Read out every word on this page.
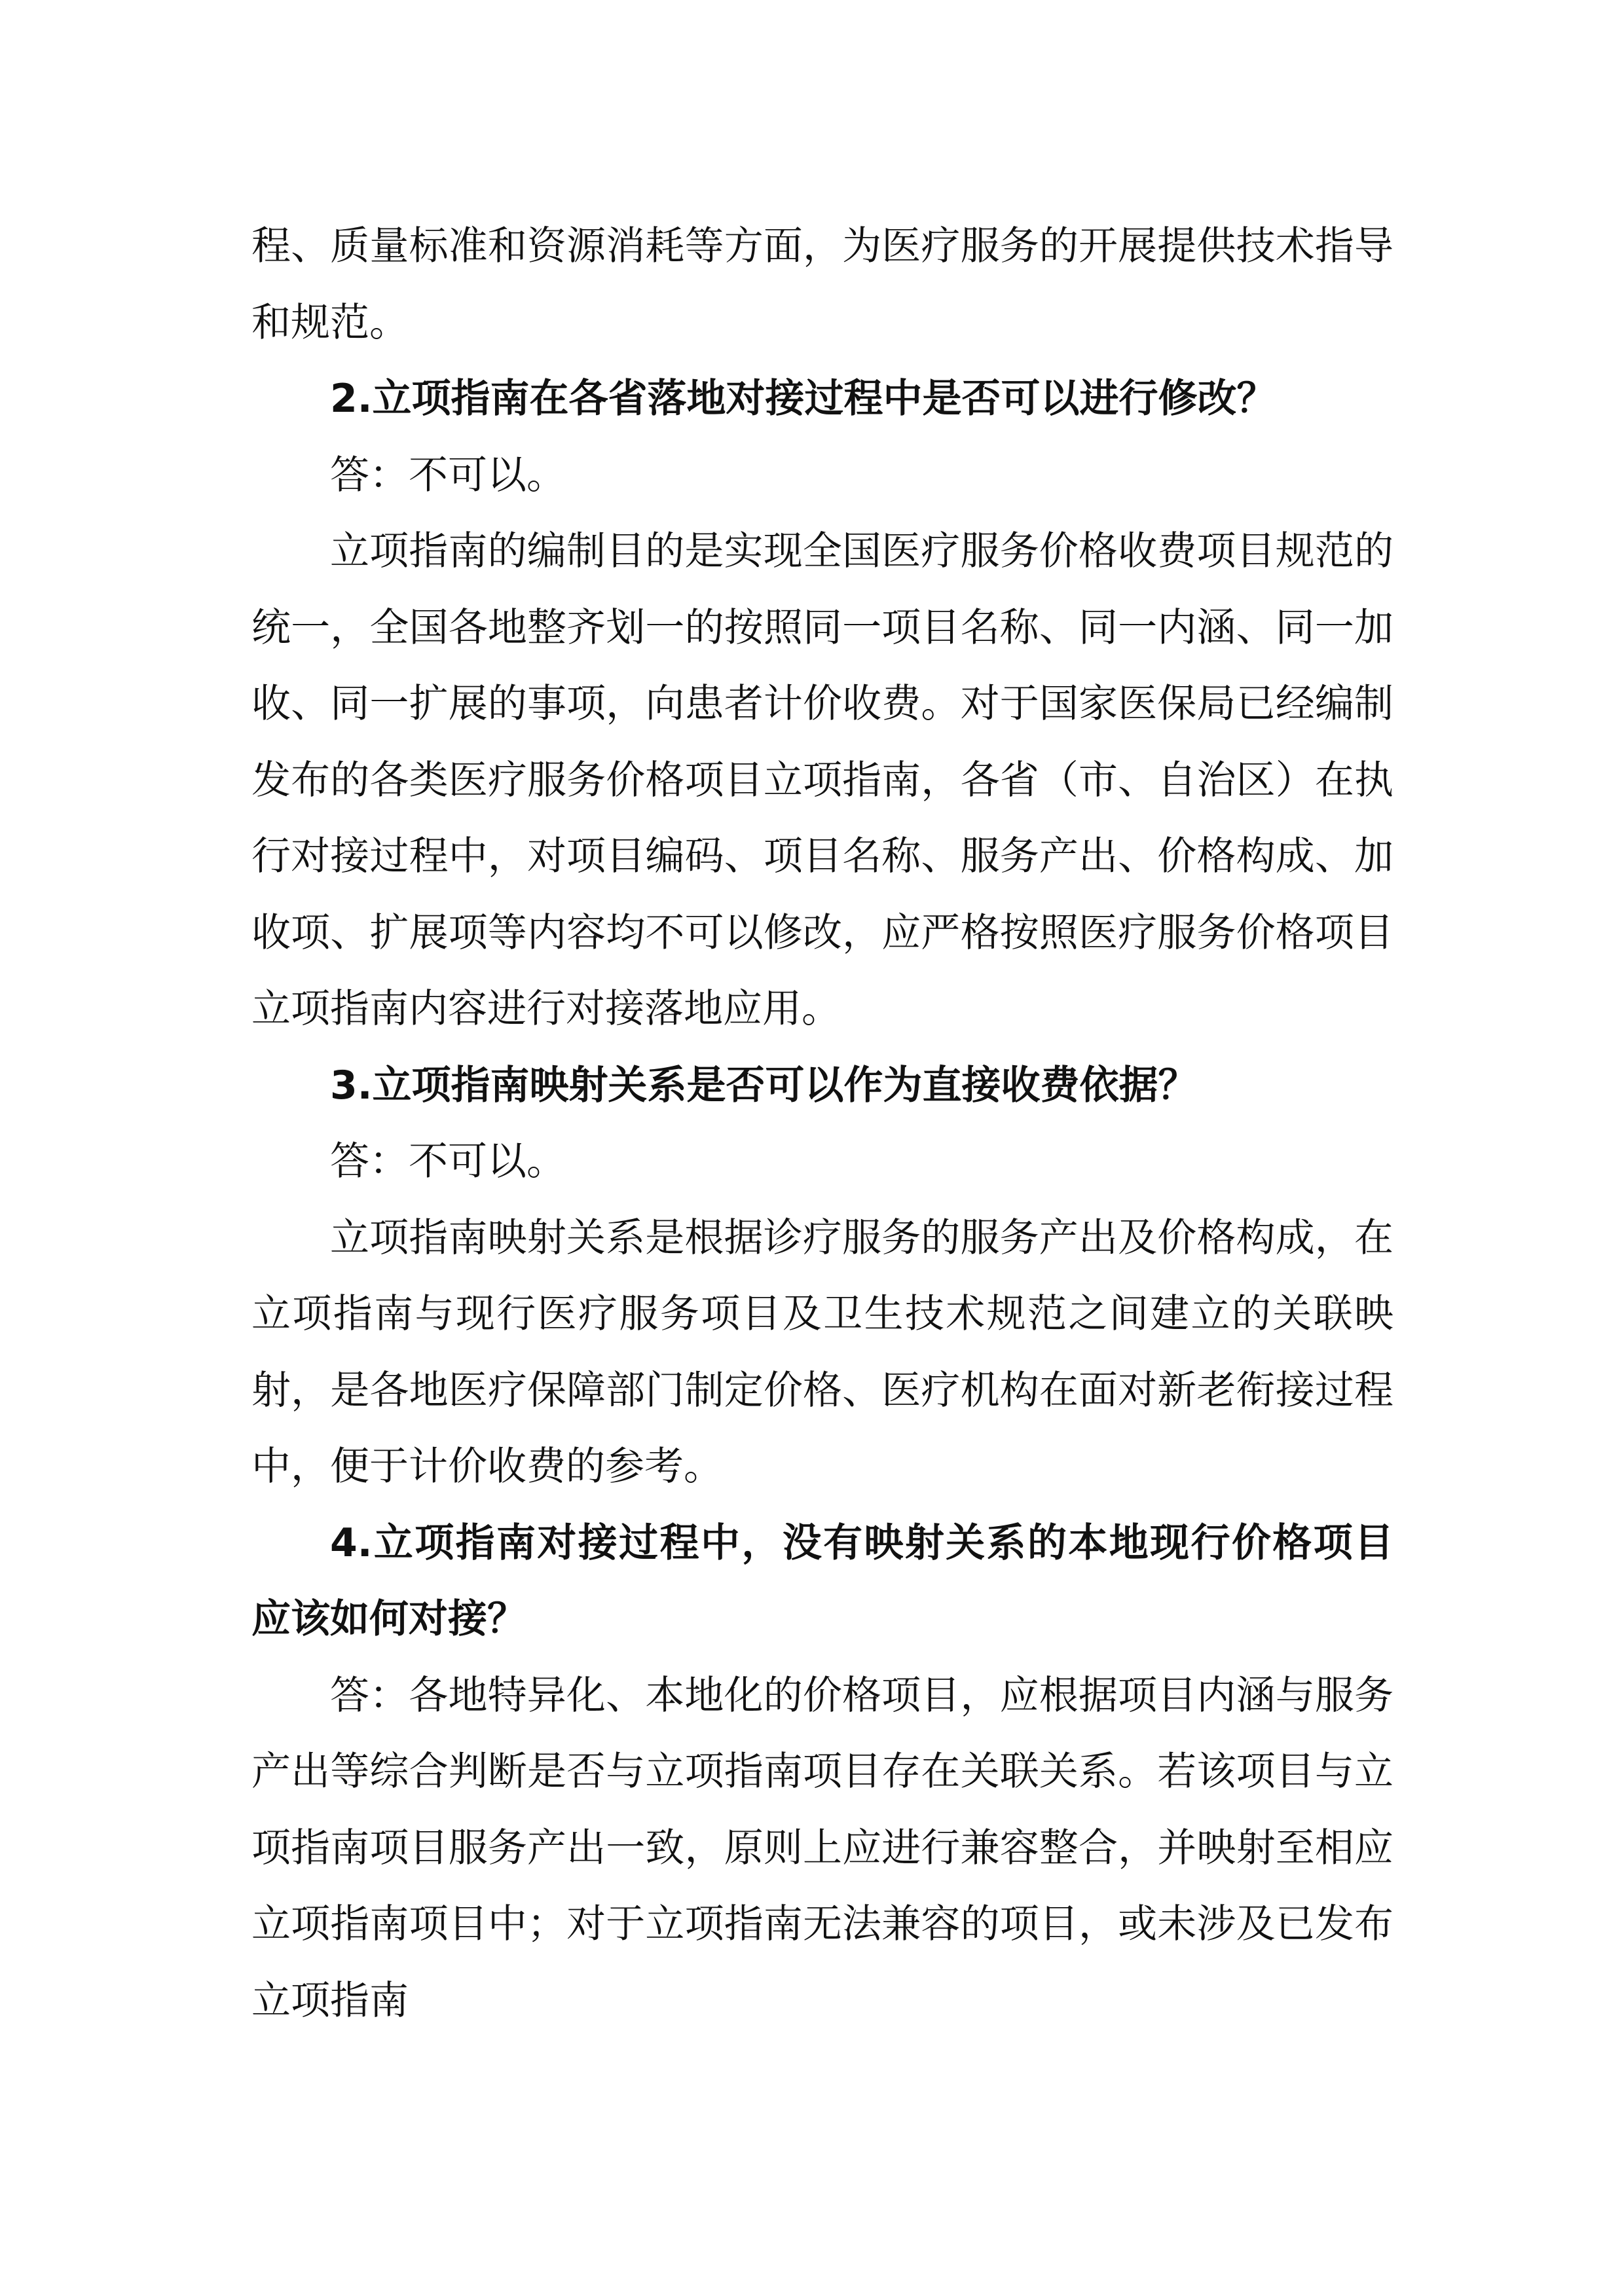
程、质量标准和资源消耗等方面，为医疗服务的开展提供技术指导和规范。

2.立项指南在各省落地对接过程中是否可以进行修改？

答：不可以。

立项指南的编制目的是实现全国医疗服务价格收费项目规范的统一，全国各地整齐划一的按照同一项目名称、同一内涵、同一加收、同一扩展的事项，向患者计价收费。对于国家医保局已经编制发布的各类医疗服务价格项目立项指南，各省（市、自治区）在执行对接过程中，对项目编码、项目名称、服务产出、价格构成、加收项、扩展项等内容均不可以修改，应严格按照医疗服务价格项目立项指南内容进行对接落地应用。

3.立项指南映射关系是否可以作为直接收费依据？

答：不可以。

立项指南映射关系是根据诊疗服务的服务产出及价格构成，在立项指南与现行医疗服务项目及卫生技术规范之间建立的关联映射，是各地医疗保障部门制定价格、医疗机构在面对新老衔接过程中，便于计价收费的参考。

4.立项指南对接过程中，没有映射关系的本地现行价格项目应该如何对接？

答：各地特异化、本地化的价格项目，应根据项目内涵与服务产出等综合判断是否与立项指南项目存在关联关系。若该项目与立项指南项目服务产出一致，原则上应进行兼容整合，并映射至相应立项指南项目中；对于立项指南无法兼容的项目，或未涉及已发布立项指南
